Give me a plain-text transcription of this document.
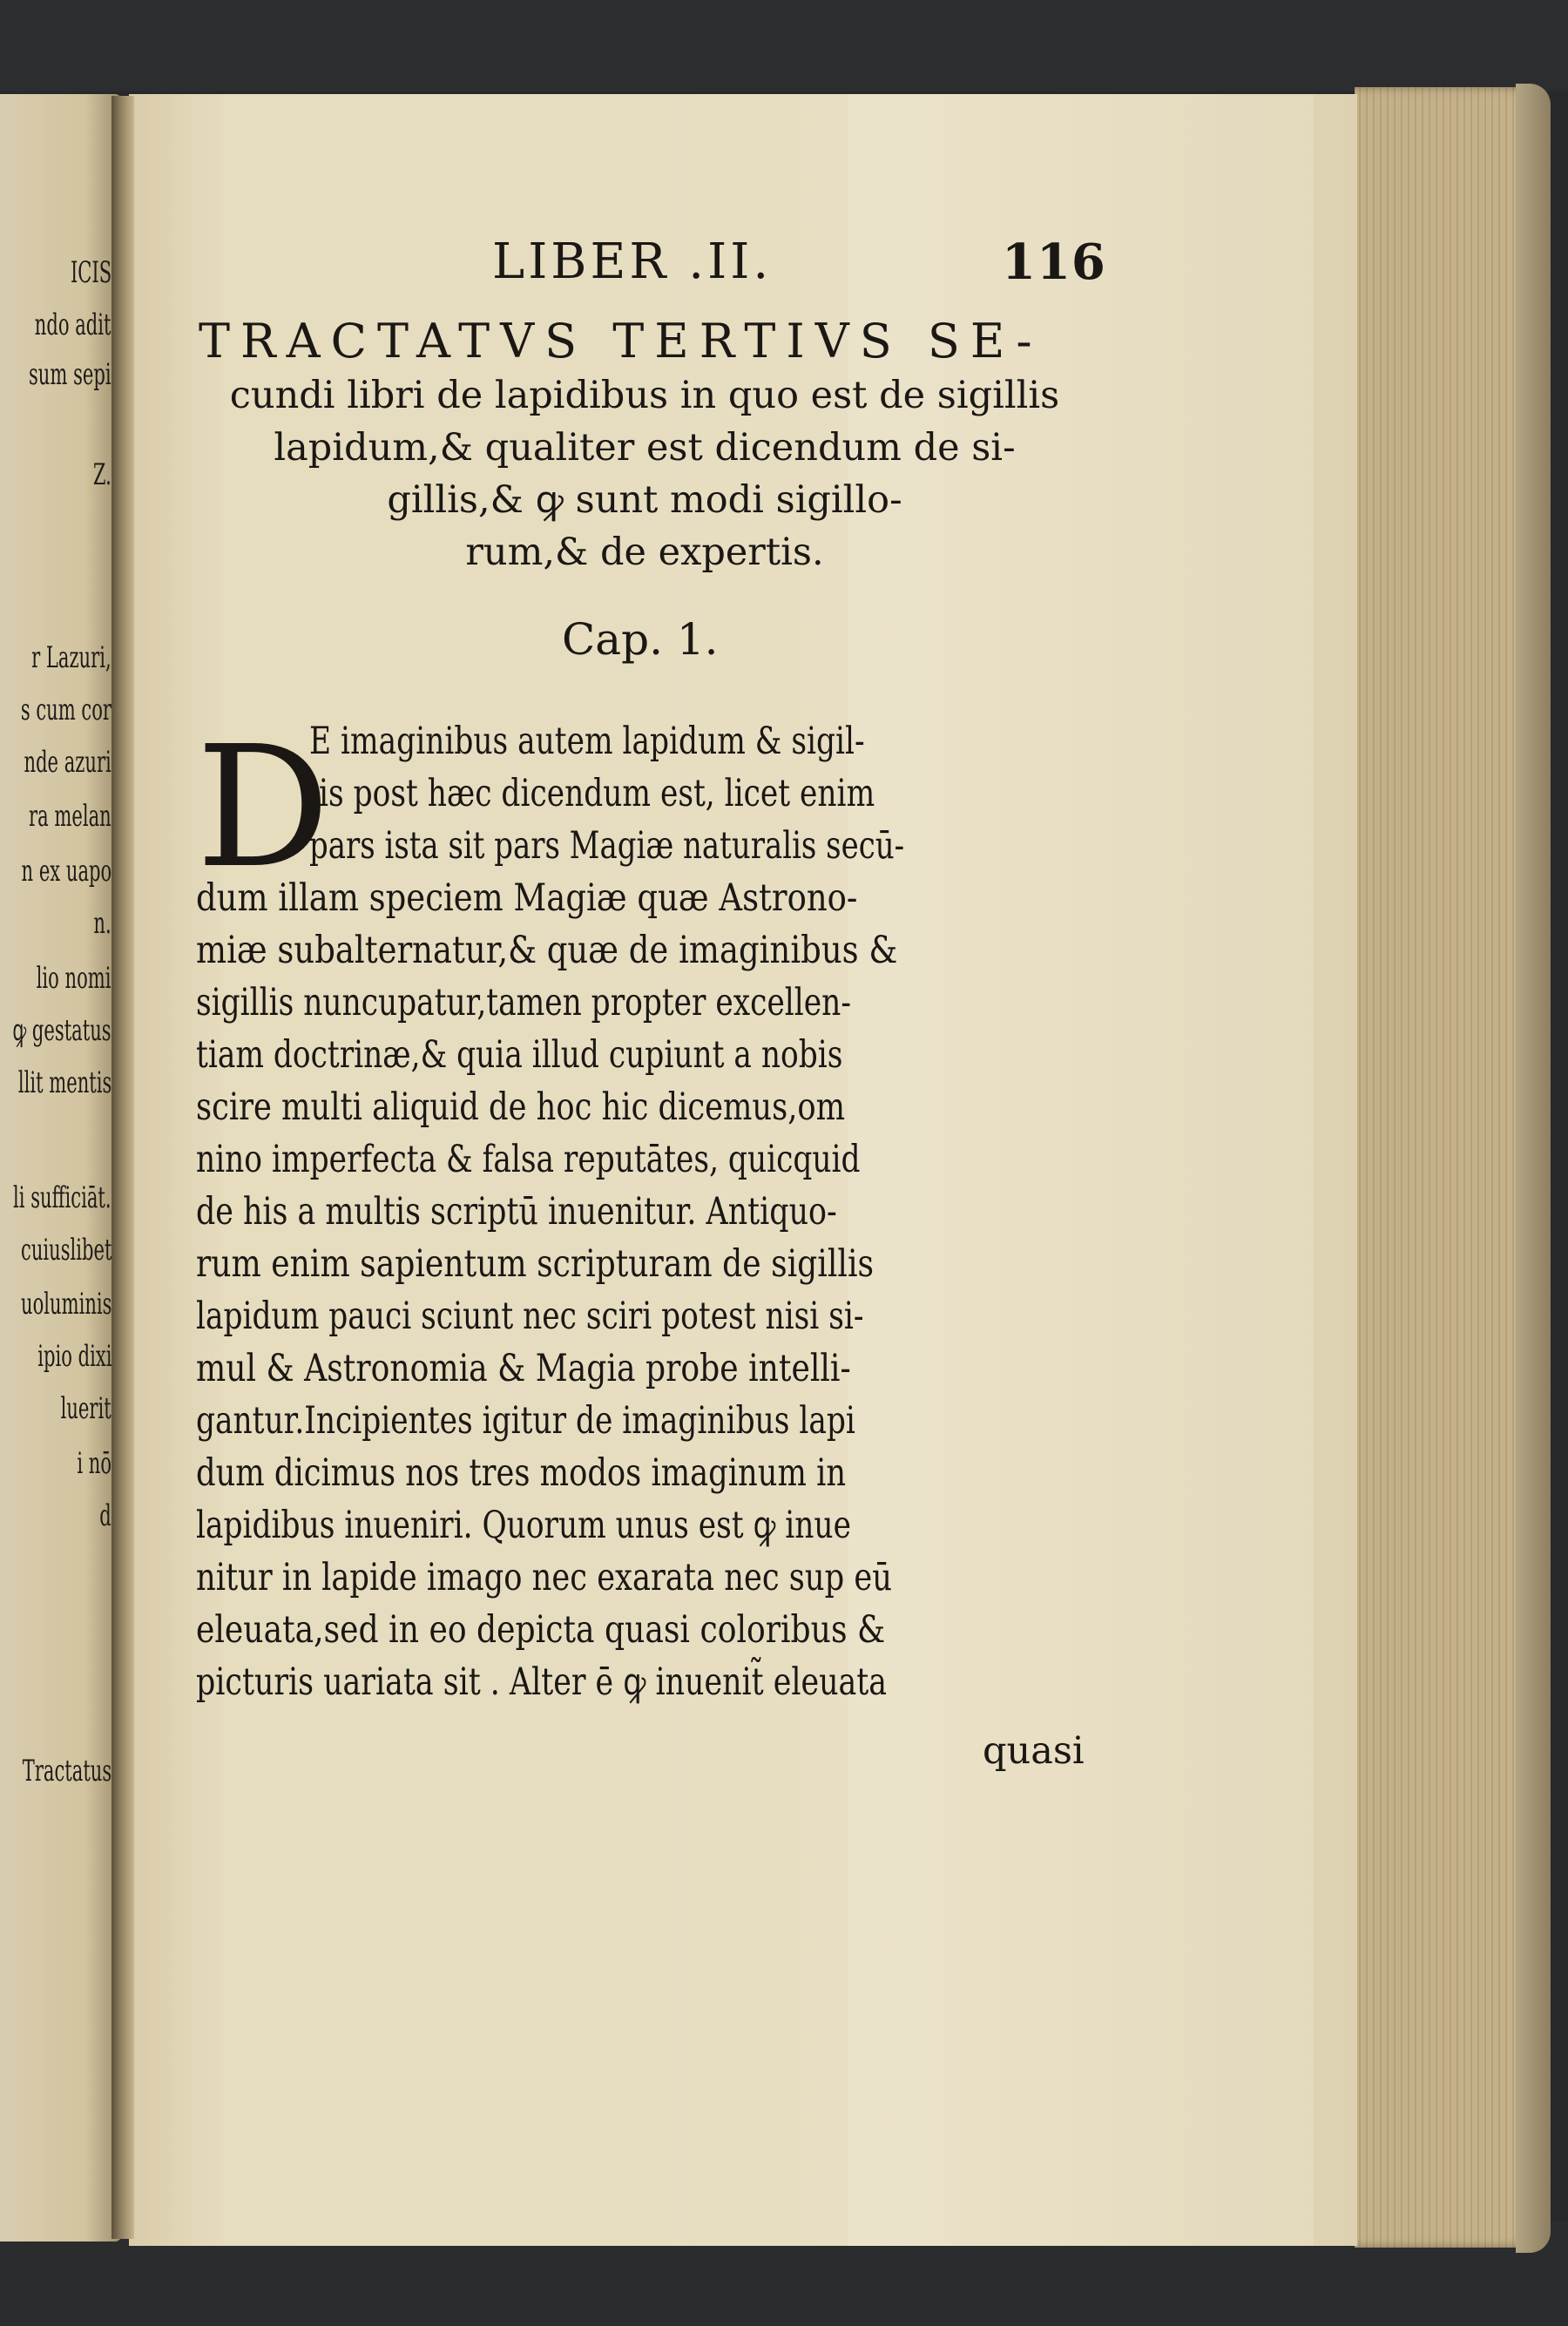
ICIS
ndo adit
sum sepi
Z.
r Lazuri,
s cum cor
nde azuri
ra melan
n ex uapo
n.
lio nomi
ꝙ gestatus
llit mentis
li sufficiāt.
cuiuslibet
uoluminis
ipio dixi
luerit
i nō
d
Tractatus
LIBER .II.	116
TRACTATVS TERTIVS SE-
cundi libri de lapidibus in quo est de sigillis
lapidum,& qualiter est dicendum de si-
gillis,& ꝙ sunt modi sigillo-
rum,& de expertis.
Cap. 1.
D
E imaginibus autem lapidum & sigil-
lis post hæc dicendum est, licet enim
pars ista sit pars Magiæ naturalis secū-
dum illam speciem Magiæ quæ Astrono-
miæ subalternatur,& quæ de imaginibus &
sigillis nuncupatur,tamen propter excellen-
tiam doctrinæ,& quia illud cupiunt a nobis
scire multi aliquid de hoc hic dicemus,om
nino imperfecta & falsa reputātes, quicquid
de his a multis scriptū inuenitur. Antiquo-
rum enim sapientum scripturam de sigillis
lapidum pauci sciunt nec sciri potest nisi si-
mul & Astronomia & Magia probe intelli-
gantur.Incipientes igitur de imaginibus lapi
dum dicimus nos tres modos imaginum in
lapidibus inueniri. Quorum unus est ꝙ inue
nitur in lapide imago nec exarata nec sup eū
eleuata,sed in eo depicta quasi coloribus &
picturis uariata sit . Alter ē ꝙ inuenit̃ eleuata
quasi
